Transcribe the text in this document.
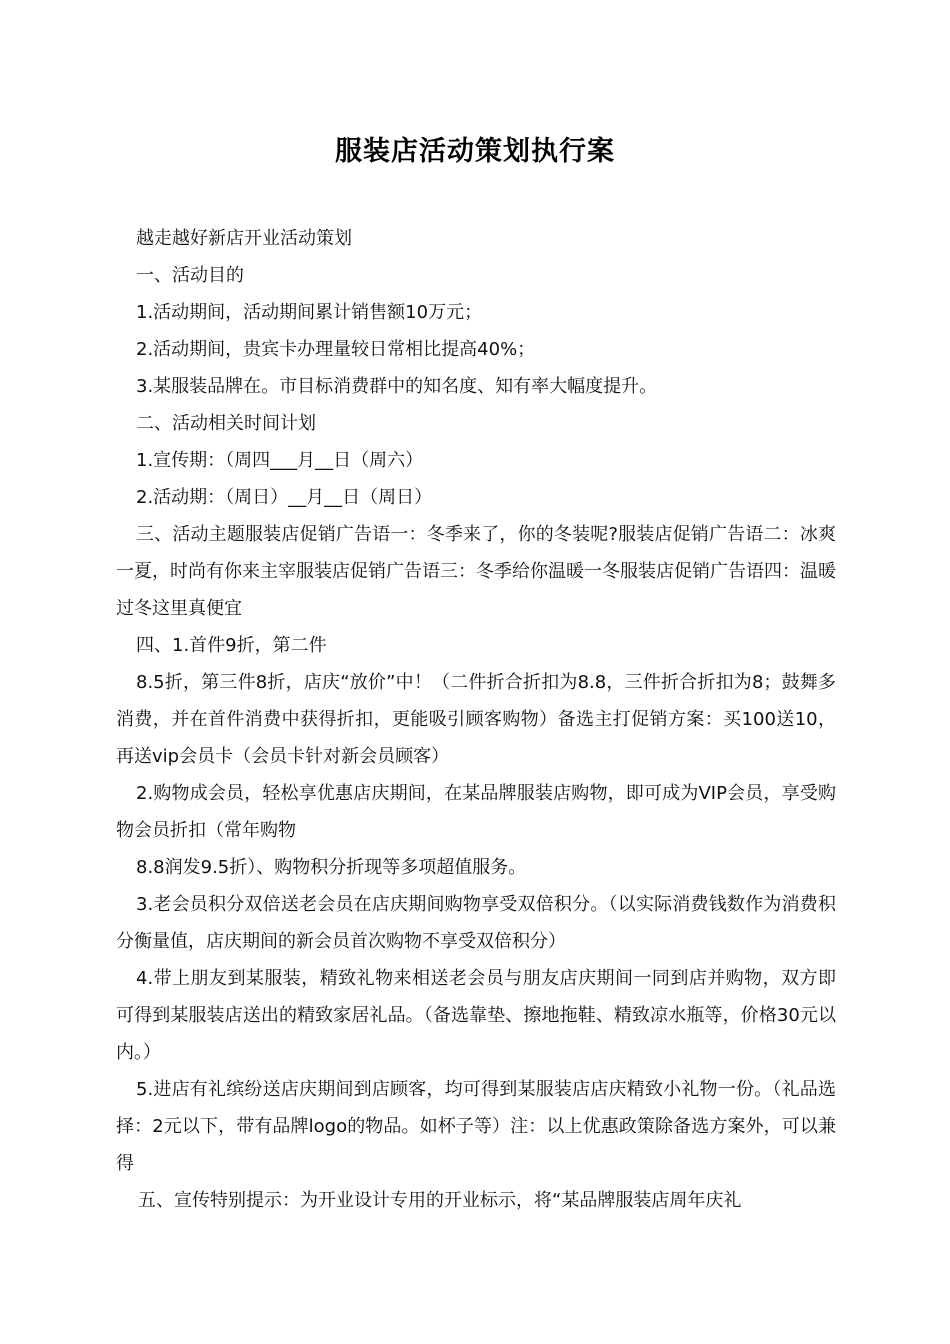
服装店活动策划执行案

越走越好新店开业活动策划

一、活动目的

1.活动期间，活动期间累计销售额10万元；

2.活动期间，贵宾卡办理量较日常相比提高40%；

3.某服装品牌在。市目标消费群中的知名度、知有率大幅度提升。

二、活动相关时间计划

1.宣传期：（周四___月__日（周六）

2.活动期：（周日）__月__日（周日）

三、活动主题服装店促销广告语一：冬季来了，你的冬装呢?服装店促销广告语二：冰爽一夏，时尚有你来主宰服装店促销广告语三：冬季给你温暖一冬服装店促销广告语四：温暖过冬这里真便宜

四、1.首件9折，第二件

8.5折，第三件8折，店庆“放价”中！（二件折合折扣为8.8，三件折合折扣为8；鼓舞多消费，并在首件消费中获得折扣，更能吸引顾客购物）备选主打促销方案：买100送10，再送vip会员卡（会员卡针对新会员顾客）

2.购物成会员，轻松享优惠店庆期间，在某品牌服装店购物，即可成为VIP会员，享受购物会员折扣（常年购物

8.8润发9.5折）、购物积分折现等多项超值服务。

3.老会员积分双倍送老会员在店庆期间购物享受双倍积分。（以实际消费钱数作为消费积分衡量值，店庆期间的新会员首次购物不享受双倍积分）

4.带上朋友到某服装，精致礼物来相送老会员与朋友店庆期间一同到店并购物，双方即可得到某服装店送出的精致家居礼品。（备选靠垫、擦地拖鞋、精致凉水瓶等，价格30元以内。）

5.进店有礼缤纷送店庆期间到店顾客，均可得到某服装店店庆精致小礼物一份。（礼品选择：2元以下，带有品牌logo的物品。如杯子等）注：以上优惠政策除备选方案外，可以兼得

五、宣传特别提示：为开业设计专用的开业标示，将“某品牌服装店周年庆礼
